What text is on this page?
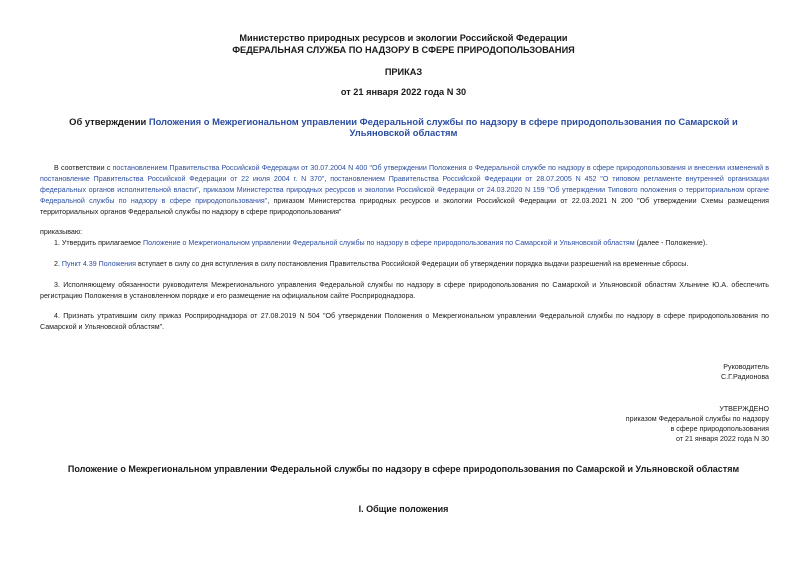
Министерство природных ресурсов и экологии Российской Федерации
ФЕДЕРАЛЬНАЯ СЛУЖБА ПО НАДЗОРУ В СФЕРЕ ПРИРОДОПОЛЬЗОВАНИЯ
ПРИКАЗ
от 21 января 2022 года N 30
Об утверждении Положения о Межрегиональном управлении Федеральной службы по надзору в сфере природопользования по Самарской и Ульяновской областям
В соответствии с постановлением Правительства Российской Федерации от 30.07.2004 N 400 "Об утверждении Положения о Федеральной службе по надзору в сфере природопользования и внесении изменений в постановление Правительства Российской Федерации от 22 июля 2004 г. N 370", постановлением Правительства Российской Федерации от 28.07.2005 N 452 "О типовом регламенте внутренней организации федеральных органов исполнительной власти", приказом Министерства природных ресурсов и экологии Российской Федерации от 24.03.2020 N 159 "Об утверждении Типового положения о территориальном органе Федеральной службы по надзору в сфере природопользования", приказом Министерства природных ресурсов и экологии Российской Федерации от 22.03.2021 N 200 "Об утверждении Схемы размещения территориальных органов Федеральной службы по надзору в сфере природопользования"
приказываю:
1. Утвердить прилагаемое Положение о Межрегиональном управлении Федеральной службы по надзору в сфере природопользования по Самарской и Ульяновской областям (далее - Положение).
2. Пункт 4.39 Положения вступает в силу со дня вступления в силу постановления Правительства Российской Федерации об утверждении порядка выдачи разрешений на временные сбросы.
3. Исполняющему обязанности руководителя Межрегионального управления Федеральной службы по надзору в сфере природопользования по Самарской и Ульяновской областям Хлынине Ю.А. обеспечить регистрацию Положения в установленном порядке и его размещение на официальном сайте Росприроднадзора.
4. Признать утратившим силу приказ Росприроднадзора от 27.08.2019 N 504 "Об утверждении Положения о Межрегиональном управлении Федеральной службы по надзору в сфере природопользования по Самарской и Ульяновской областям".
Руководитель
С.Г.Радионова
УТВЕРЖДЕНО
приказом Федеральной службы по надзору
в сфере природопользования
от 21 января 2022 года N 30
Положение о Межрегиональном управлении Федеральной службы по надзору в сфере природопользования по Самарской и Ульяновской областям
I. Общие положения
